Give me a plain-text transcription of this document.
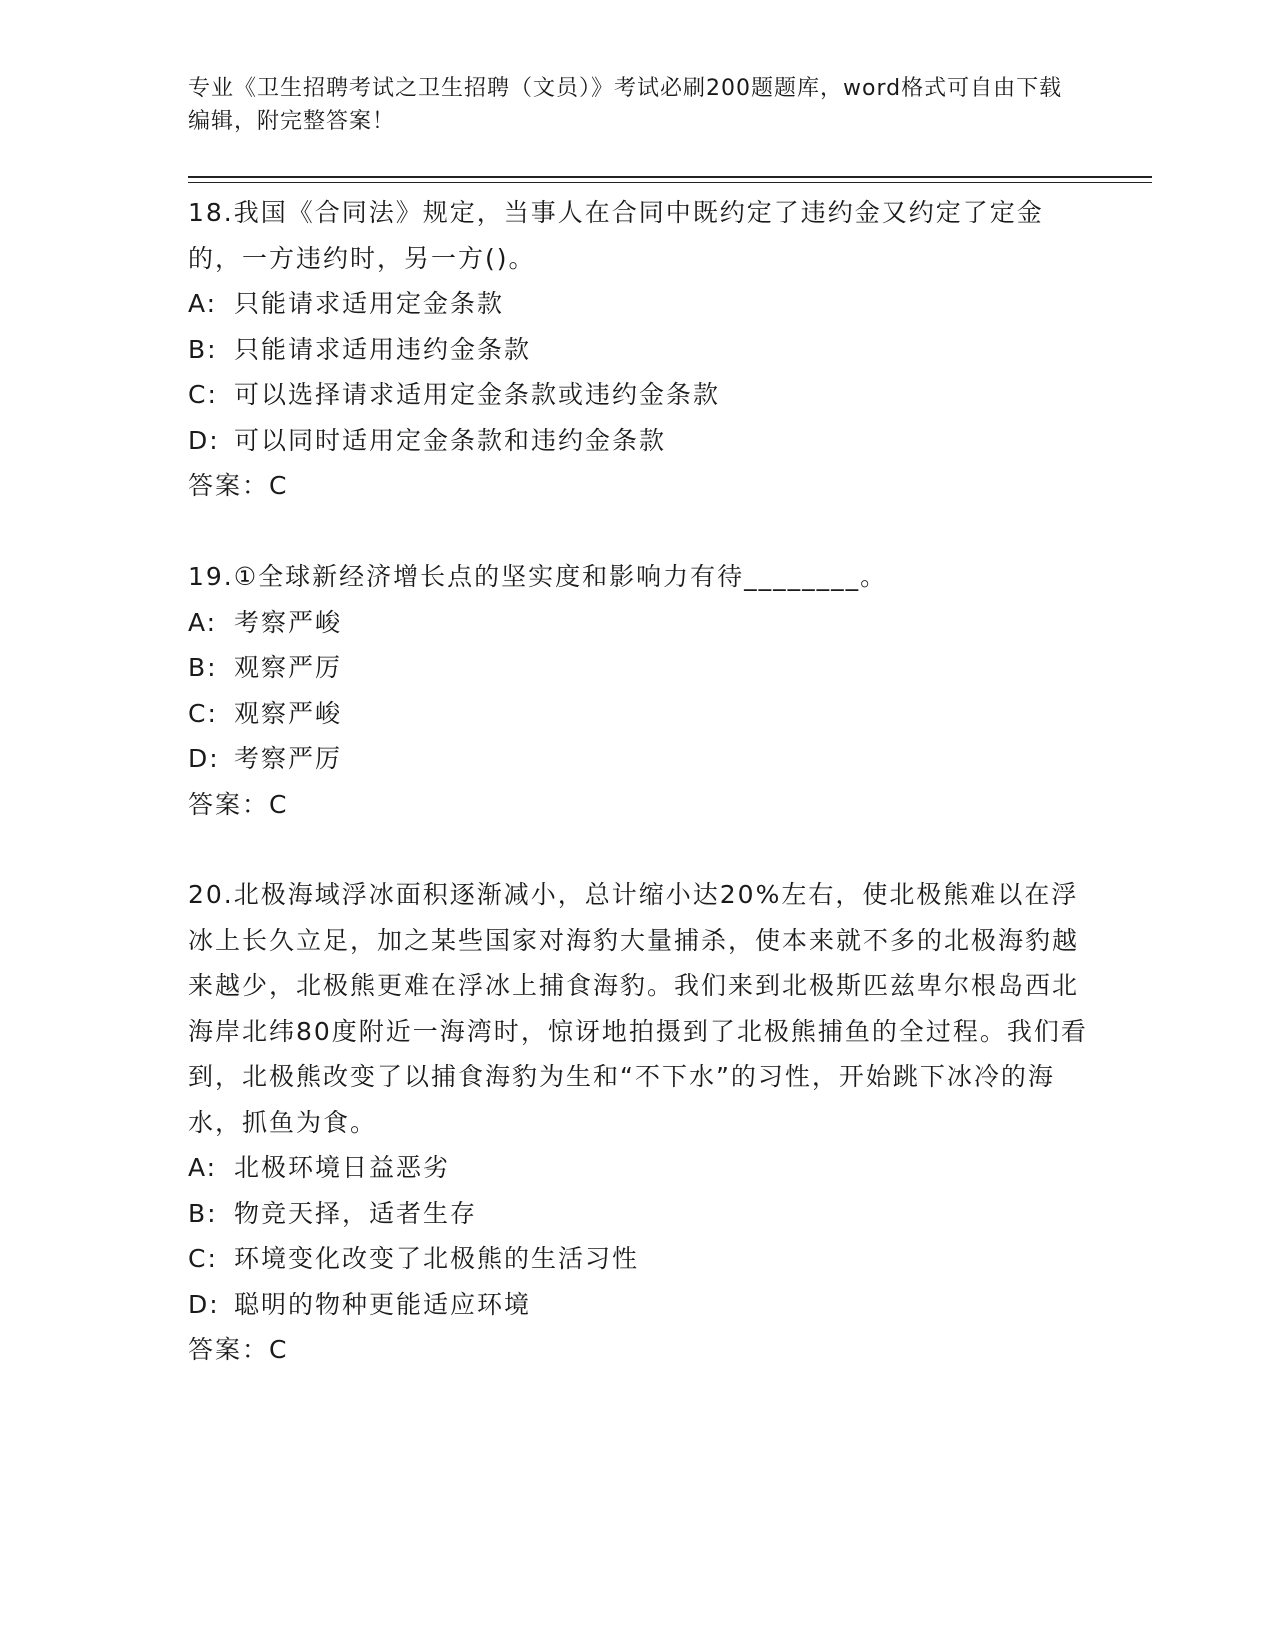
专业《卫生招聘考试之卫生招聘（文员）》考试必刷200题题库，word格式可自由下载编辑，附完整答案！

18.我国《合同法》规定，当事人在合同中既约定了违约金又约定了定金的，一方违约时，另一方()。

A: 只能请求适用定金条款

B: 只能请求适用违约金条款

C: 可以选择请求适用定金条款或违约金条款

D: 可以同时适用定金条款和违约金条款

答案：C

19.①全球新经济增长点的坚实度和影响力有待________。

A: 考察严峻

B: 观察严厉

C: 观察严峻

D: 考察严厉

答案：C

20.北极海域浮冰面积逐渐减小，总计缩小达20%左右，使北极熊难以在浮冰上长久立足，加之某些国家对海豹大量捕杀，使本来就不多的北极海豹越来越少，北极熊更难在浮冰上捕食海豹。我们来到北极斯匹兹卑尔根岛西北海岸北纬80度附近一海湾时，惊讶地拍摄到了北极熊捕鱼的全过程。我们看到，北极熊改变了以捕食海豹为生和“不下水”的习性，开始跳下冰冷的海水，抓鱼为食。

A: 北极环境日益恶劣

B: 物竞天择，适者生存

C: 环境变化改变了北极熊的生活习性

D: 聪明的物种更能适应环境

答案：C
